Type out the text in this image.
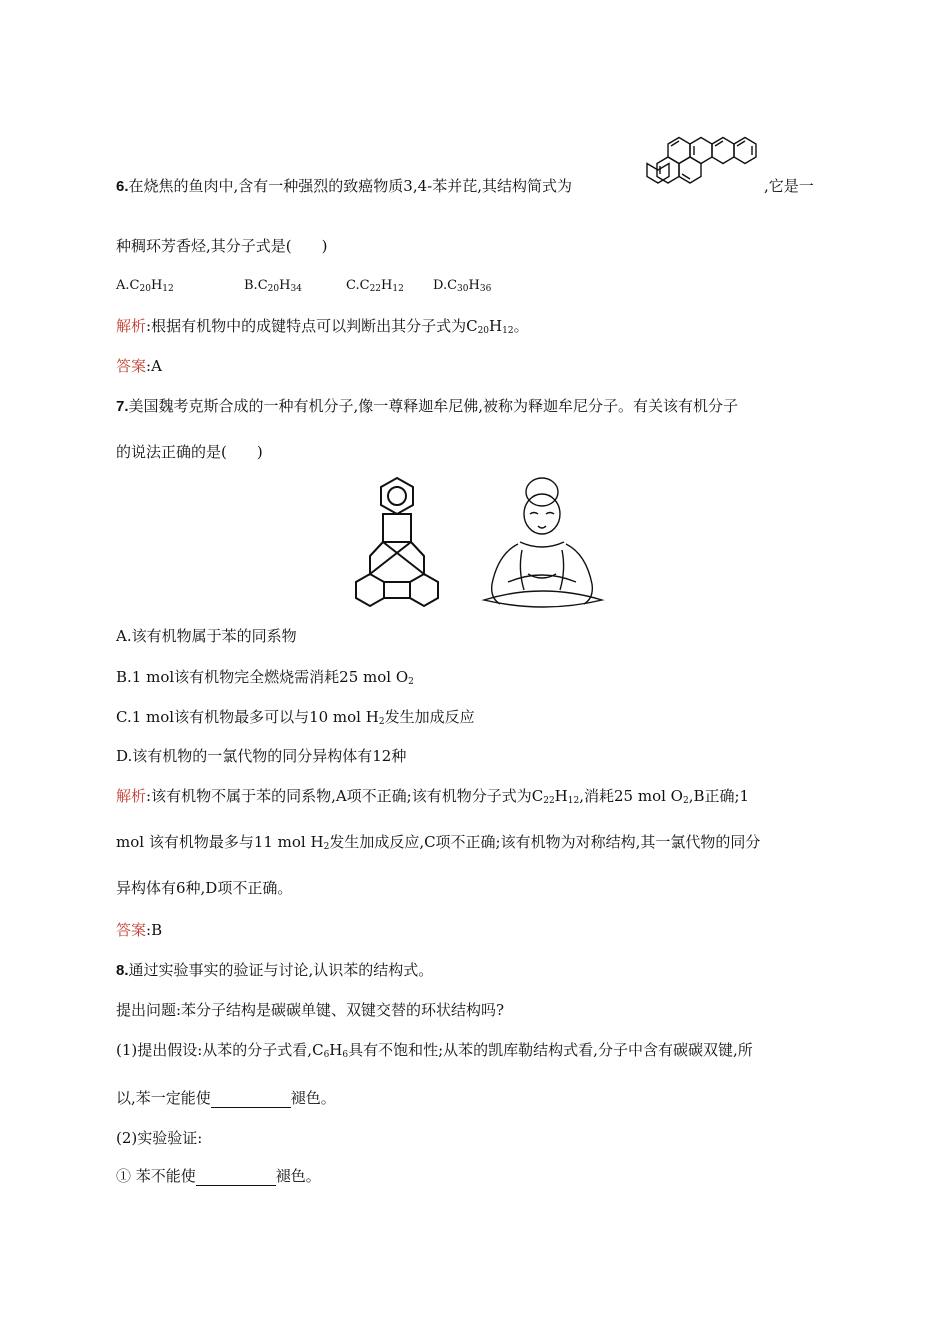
6.在烧焦的鱼肉中,含有一种强烈的致癌物质3,4-苯并芘,其结构简式为	,它是一
种稠环芳香烃,其分子式是(　　)
$A.C_{20}H_{12}$	$B.C_{20}H_{34}$	$C.C_{22}H_{12}$ $D.C_{30}H_{36}$
解析:根据有机物中的成键特点可以判断出其分子式为$C_{20}H_{12}$。
答案:A
7.美国魏考克斯合成的一种有机分子,像一尊释迦牟尼佛,被称为释迦牟尼分子。有关该有机分子
的说法正确的是(　　)
A.该有机物属于苯的同系物
B.1 mol该有机物完全燃烧需消耗25 mol $O_2$
C.1 mol该有机物最多可以与10 mol $H_2$发生加成反应
D.该有机物的一氯代物的同分异构体有12种
解析:该有机物不属于苯的同系物,A项不正确;该有机物分子式为$C_{22}H_{12}$,消耗25 mol $O_2,B$正确;1
mol 该有机物最多与11 mol $H_2$发生加成反应,C项不正确;该有机物为对称结构,其一氯代物的同分
异构体有6种,D项不正确。
答案:B
8.通过实验事实的验证与讨论,认识苯的结构式。
提出问题:苯分子结构是碳碳单键、双键交替的环状结构吗?
(1)提出假设:从苯的分子式看$,C_6H_6$具有不饱和性;从苯的凯库勒结构式看,分子中含有碳碳双键,所
以,苯一定能使	褪色。
(2)实验验证:
① 苯不能使	褪色。
